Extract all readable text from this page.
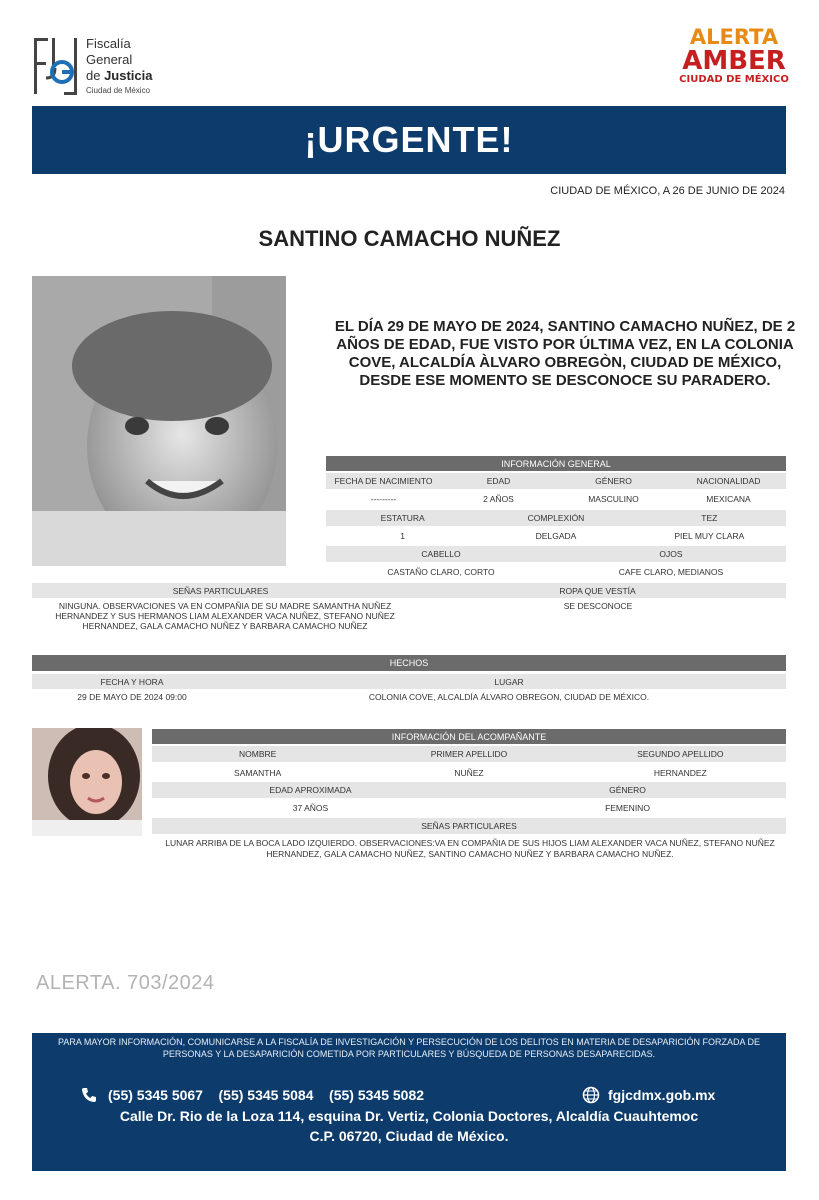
Fiscalía
General
de Justicia
Ciudad de México
ALERTA
AMBER
CIUDAD DE MÉXICO
¡URGENTE!
CIUDAD DE MÉXICO, A 26 DE JUNIO DE 2024
SANTINO CAMACHO NUÑEZ
EL DÍA 29 DE MAYO DE 2024, SANTINO CAMACHO NUÑEZ, DE 2 AÑOS DE EDAD, FUE VISTO POR ÚLTIMA VEZ, EN LA COLONIA COVE, ALCALDÍA ÀLVARO OBREGÒN, CIUDAD DE MÉXICO, DESDE ESE MOMENTO SE DESCONOCE SU PARADERO.
INFORMACIÓN GENERAL
FECHA DE NACIMIENTO	EDAD	GÉNERO	NACIONALIDAD
---------	2 AÑOS	MASCULINO	MEXICANA
ESTATURA	COMPLEXIÓN	TEZ
1	DELGADA	PIEL MUY CLARA
CABELLO	OJOS
CASTAÑO CLARO, CORTO	CAFE CLARO, MEDIANOS
SEÑAS PARTICULARES	ROPA QUE VESTÍA
NINGUNA. OBSERVACIONES VA EN COMPAÑIA DE SU MADRE SAMANTHA NUÑEZ HERNANDEZ Y SUS HERMANOS LIAM ALEXANDER VACA NUÑEZ, STEFANO NUÑEZ HERNANDEZ, GALA CAMACHO NUÑEZ Y BARBARA CAMACHO NUÑEZ
SE DESCONOCE
HECHOS
FECHA Y HORA	LUGAR
29 DE MAYO DE 2024 09:00	COLONIA COVE, ALCALDÍA ÁLVARO OBREGON, CIUDAD DE MÉXICO.
INFORMACIÓN DEL ACOMPAÑANTE
NOMBRE	PRIMER APELLIDO	SEGUNDO APELLIDO
SAMANTHA	NUÑEZ	HERNANDEZ
EDAD APROXIMADA	GÉNERO
37 AÑOS	FEMENINO
SEÑAS PARTICULARES
LUNAR ARRIBA DE LA BOCA LADO IZQUIERDO. OBSERVACIONES:VA EN COMPAÑIA DE SUS HIJOS LIAM ALEXANDER VACA NUÑEZ, STEFANO NUÑEZ HERNANDEZ, GALA CAMACHO NUÑEZ, SANTINO CAMACHO NUÑEZ Y BARBARA CAMACHO NUÑEZ.
ALERTA. 703/2024
PARA MAYOR INFORMACIÓN, COMUNICARSE A LA FISCALÍA DE INVESTIGACIÓN Y PERSECUCIÓN DE LOS DELITOS EN MATERIA DE DESAPARICIÓN FORZADA DE PERSONAS Y LA DESAPARICIÓN COMETIDA POR PARTICULARES Y BÚSQUEDA DE PERSONAS DESAPARECIDAS.
(55) 5345 5067    (55) 5345 5084    (55) 5345 5082	fgjcdmx.gob.mx
Calle Dr. Rio de la Loza 114, esquina Dr. Vertiz, Colonia Doctores, Alcaldía Cuauhtemoc
C.P. 06720, Ciudad de México.
